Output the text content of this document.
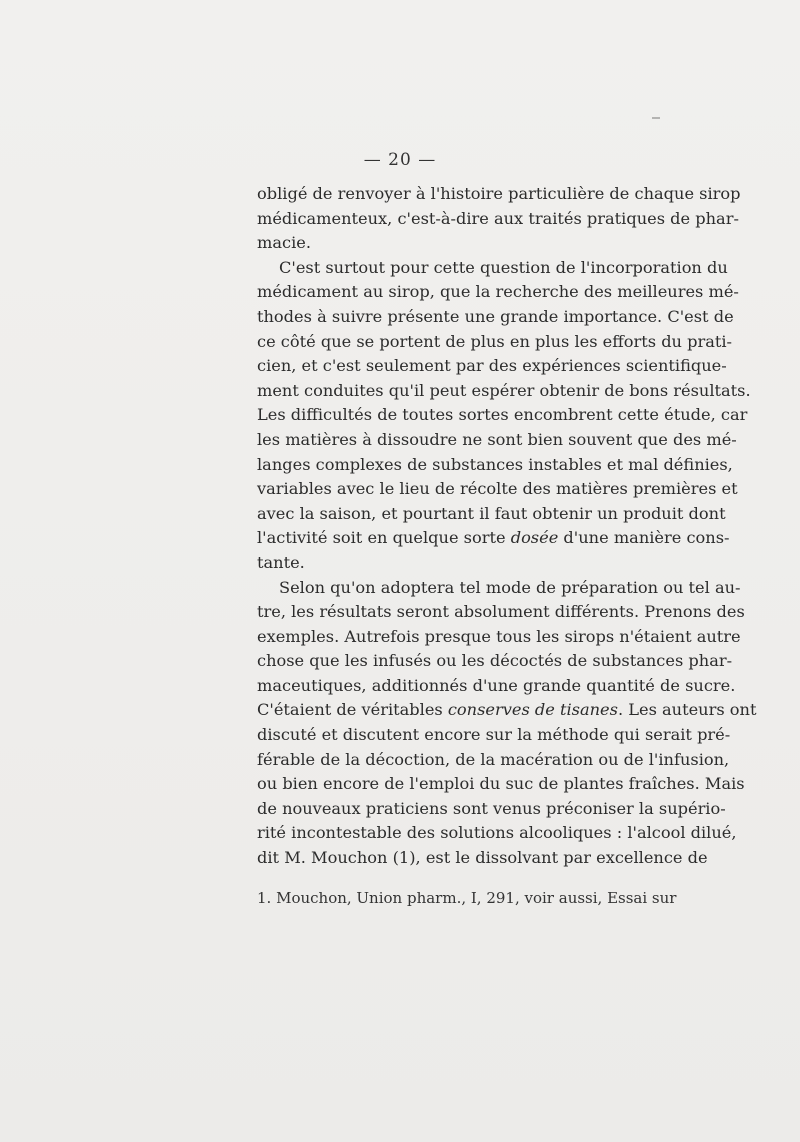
— 20 —

obligé de renvoyer à l'histoire particulière de chaque sirop
médicamenteux, c'est-à-dire aux traités pratiques de phar-
macie.

C'est surtout pour cette question de l'incorporation du
médicament au sirop, que la recherche des meilleures mé-
thodes à suivre présente une grande importance. C'est de
ce côté que se portent de plus en plus les efforts du prati-
cien, et c'est seulement par des expériences scientifique-
ment conduites qu'il peut espérer obtenir de bons résultats.
Les difficultés de toutes sortes encombrent cette étude, car
les matières à dissoudre ne sont bien souvent que des mé-
langes complexes de substances instables et mal définies,
variables avec le lieu de récolte des matières premières et
avec la saison, et pourtant il faut obtenir un produit dont
l'activité soit en quelque sorte dosée d'une manière cons-
tante.

Selon qu'on adoptera tel mode de préparation ou tel au-
tre, les résultats seront absolument différents. Prenons des
exemples. Autrefois presque tous les sirops n'étaient autre
chose que les infusés ou les décoctés de substances phar-
maceutiques, additionnés d'une grande quantité de sucre.
C'étaient de véritables conserves de tisanes. Les auteurs ont
discuté et discutent encore sur la méthode qui serait pré-
férable de la décoction, de la macération ou de l'infusion,
ou bien encore de l'emploi du suc de plantes fraîches. Mais
de nouveaux praticiens sont venus préconiser la supério-
rité incontestable des solutions alcooliques : l'alcool dilué,
dit M. Mouchon (1), est le dissolvant par excellence de

1. Mouchon, Union pharm., I, 291, voir aussi, Essai sur
